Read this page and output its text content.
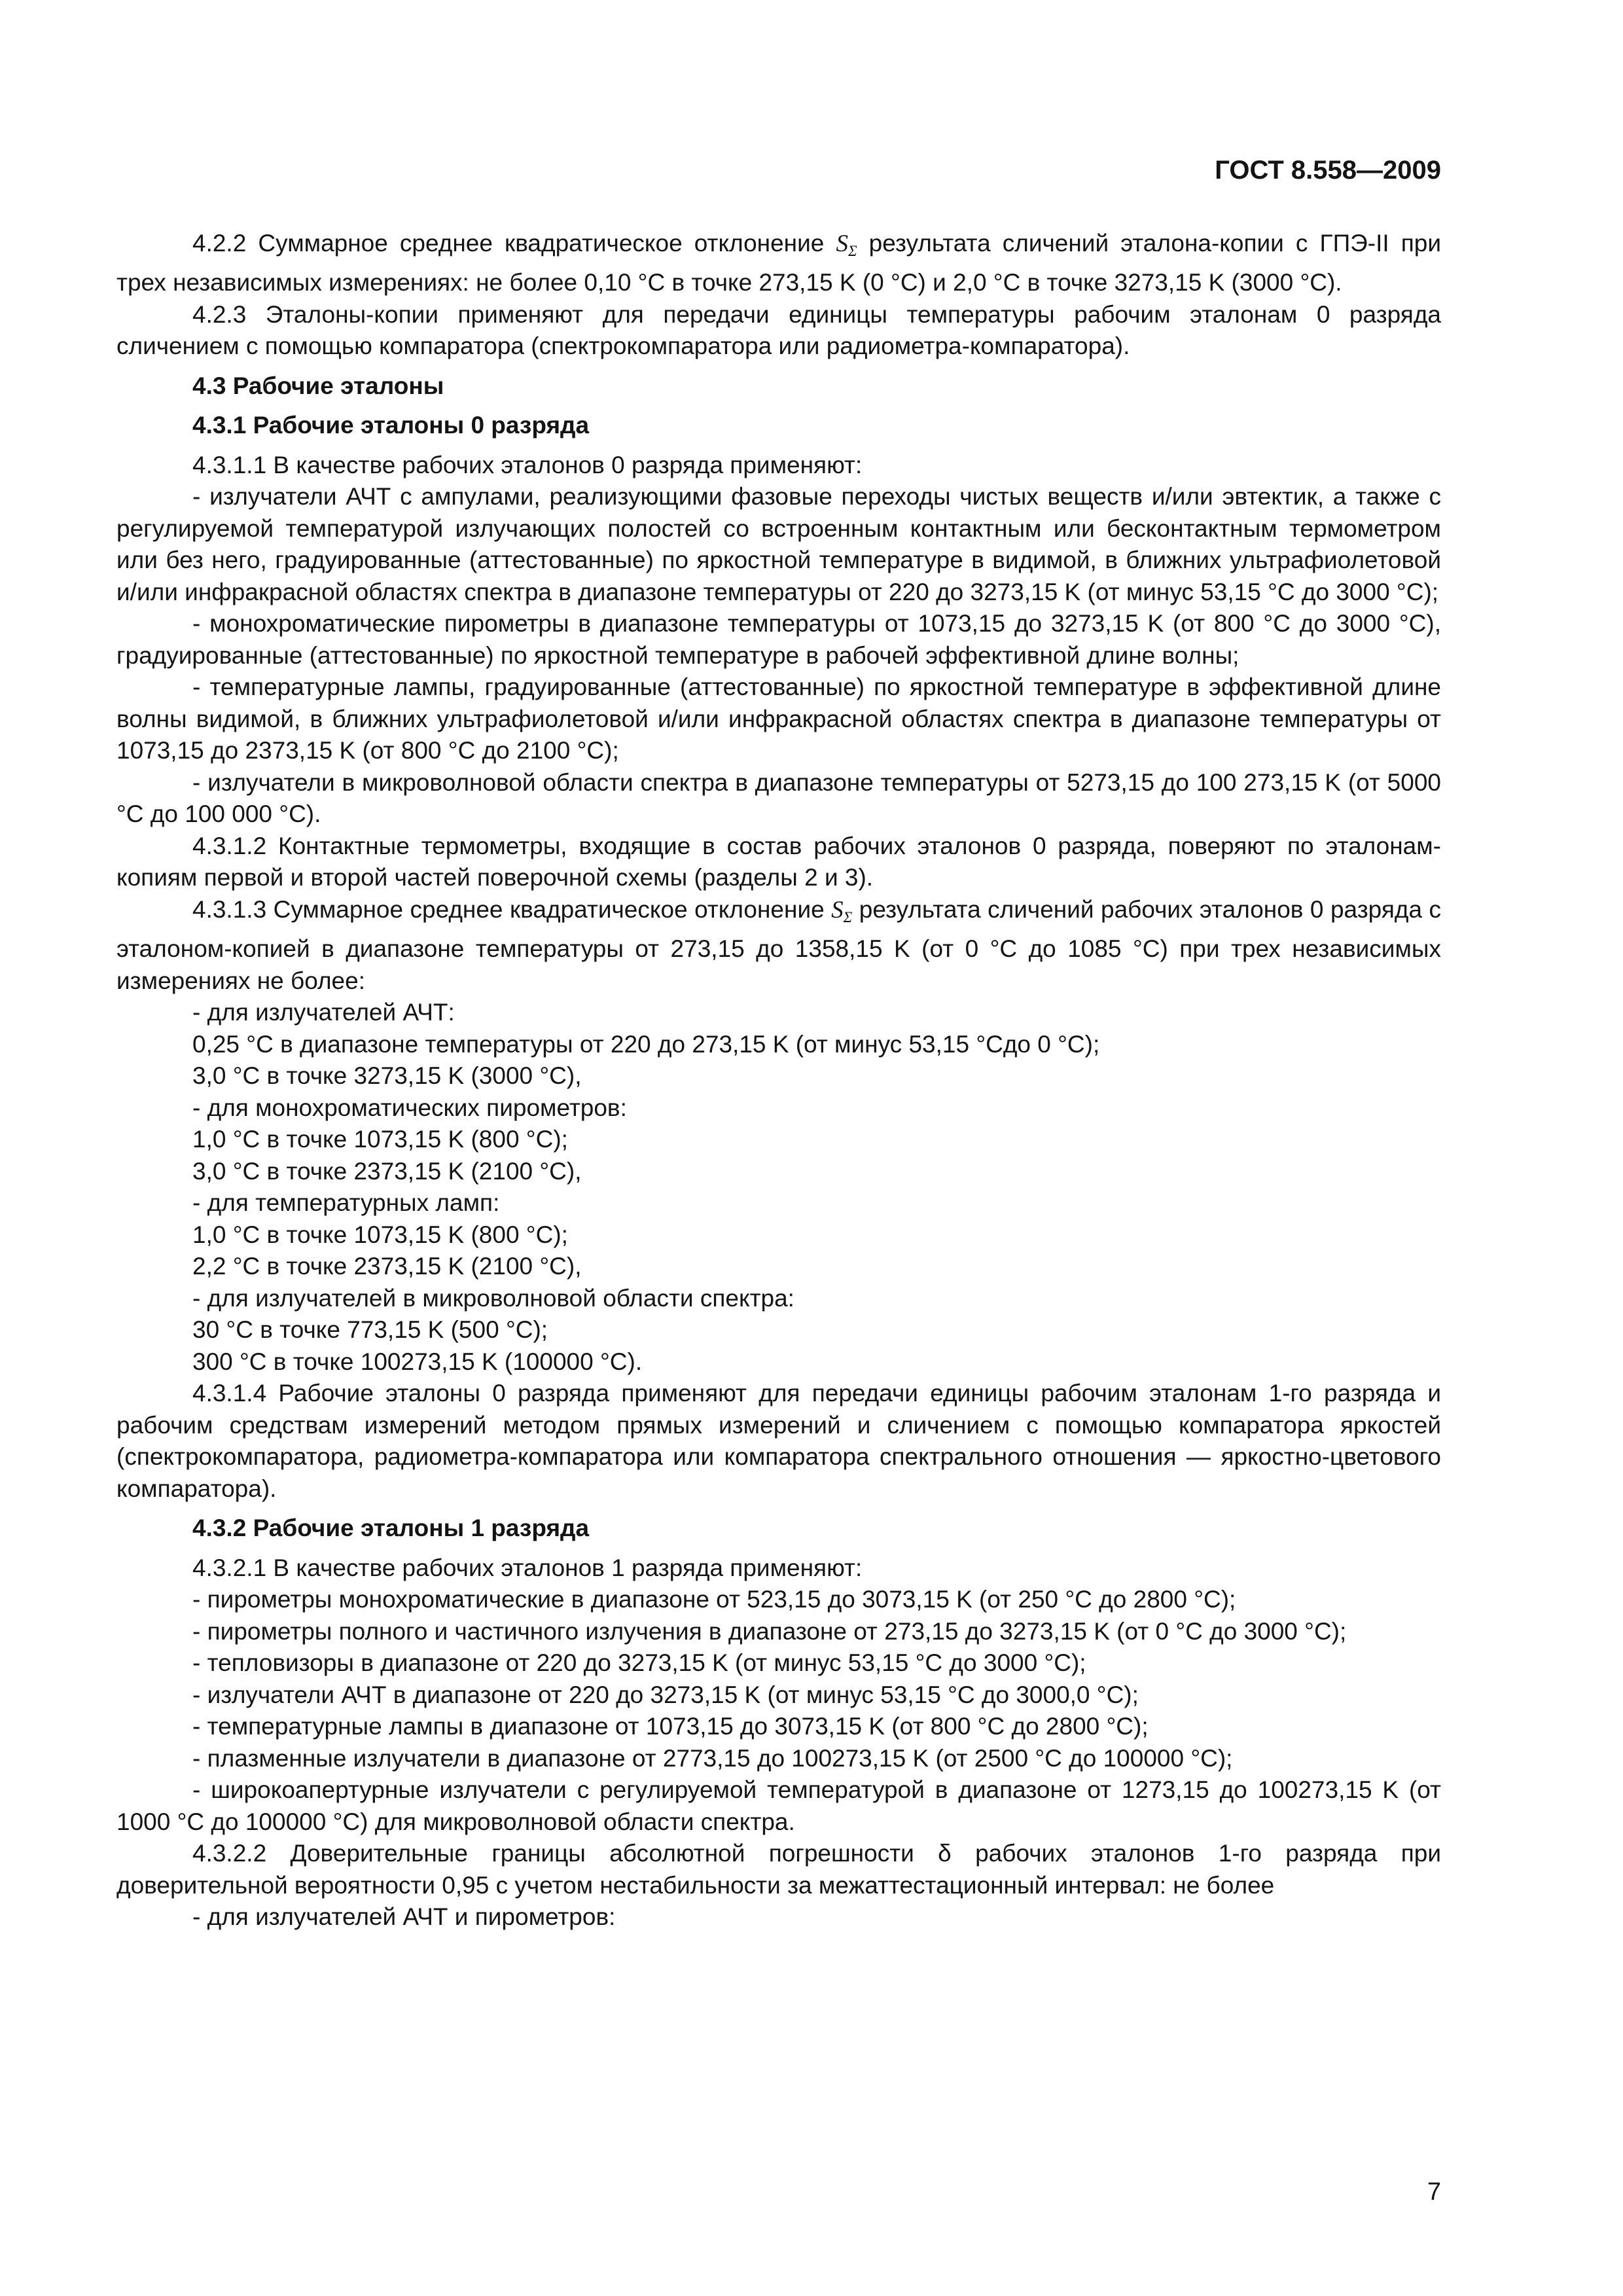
ГОСТ 8.558—2009

4.2.2 Суммарное среднее квадратическое отклонение $S_\Sigma$ результата сличений эталона-копии с ГПЭ-II при трех независимых измерениях: не более 0,10 °С в точке 273,15 K (0 °С) и 2,0 °С в точке 3273,15 K (3000 °С).

4.2.3 Эталоны-копии применяют для передачи единицы температуры рабочим эталонам 0 разряда сличением с помощью компаратора (спектрокомпаратора или радиометра-компаратора).

4.3 Рабочие эталоны

4.3.1 Рабочие эталоны 0 разряда

4.3.1.1 В качестве рабочих эталонов 0 разряда применяют:

- излучатели АЧТ с ампулами, реализующими фазовые переходы чистых веществ и/или эвтектик, а также с регулируемой температурой излучающих полостей со встроенным контактным или бесконтактным термометром или без него, градуированные (аттестованные) по яркостной температуре в видимой, в ближних ультрафиолетовой и/или инфракрасной областях спектра в диапазоне температуры от 220 до 3273,15 K (от минус 53,15 °С до 3000 °С);

- монохроматические пирометры в диапазоне температуры от 1073,15 до 3273,15 K (от 800 °С до 3000 °С), градуированные (аттестованные) по яркостной температуре в рабочей эффективной длине волны;

- температурные лампы, градуированные (аттестованные) по яркостной температуре в эффективной длине волны видимой, в ближних ультрафиолетовой и/или инфракрасной областях спектра в диапазоне температуры от 1073,15 до 2373,15 K (от 800 °С до 2100 °С);

- излучатели в микроволновой области спектра в диапазоне температуры от 5273,15 до 100 273,15 K (от 5000 °С до 100 000 °С).

4.3.1.2 Контактные термометры, входящие в состав рабочих эталонов 0 разряда, поверяют по эталонам-копиям первой и второй частей поверочной схемы (разделы 2 и 3).

4.3.1.3 Суммарное среднее квадратическое отклонение $S_\Sigma$ результата сличений рабочих эталонов 0 разряда с эталоном-копией в диапазоне температуры от 273,15 до 1358,15 K (от 0 °С до 1085 °С) при трех независимых измерениях не более:

- для излучателей АЧТ:

0,25 °С в диапазоне температуры от 220 до 273,15 K (от минус 53,15 °Сдо 0 °С);

3,0 °С в точке 3273,15 K (3000 °С),

- для монохроматических пирометров:

1,0 °С в точке 1073,15 K (800 °С);

3,0 °С в точке 2373,15 K (2100 °С),

- для температурных ламп:

1,0 °С в точке 1073,15 K (800 °С);

2,2 °С в точке 2373,15 K (2100 °С),

- для излучателей в микроволновой области спектра:

30 °С в точке 773,15 K (500 °С);

300 °С в точке 100273,15 K (100000 °С).

4.3.1.4 Рабочие эталоны 0 разряда применяют для передачи единицы рабочим эталонам 1-го разряда и рабочим средствам измерений методом прямых измерений и сличением с помощью компаратора яркостей (спектрокомпаратора, радиометра-компаратора или компаратора спектрального отношения — яркостно-цветового компаратора).

4.3.2 Рабочие эталоны 1 разряда

4.3.2.1 В качестве рабочих эталонов 1 разряда применяют:

- пирометры монохроматические в диапазоне от 523,15 до 3073,15 K (от 250 °С до 2800 °С);

- пирометры полного и частичного излучения в диапазоне от 273,15 до 3273,15 K (от 0 °С до 3000 °С);

- тепловизоры в диапазоне от 220 до 3273,15 K (от минус 53,15 °С до 3000 °С);

- излучатели АЧТ в диапазоне от 220 до 3273,15 K (от минус 53,15 °С до 3000,0 °С);

- температурные лампы в диапазоне от 1073,15 до 3073,15 K (от 800 °С до 2800 °С);

- плазменные излучатели в диапазоне от 2773,15 до 100273,15 K (от 2500 °С до 100000 °С);

- широкоапертурные излучатели с регулируемой температурой в диапазоне от 1273,15 до 100273,15 K (от 1000 °С до 100000 °С) для микроволновой области спектра.

4.3.2.2 Доверительные границы абсолютной погрешности δ рабочих эталонов 1-го разряда при доверительной вероятности 0,95 с учетом нестабильности за межаттестационный интервал: не более

- для излучателей АЧТ и пирометров:

7
